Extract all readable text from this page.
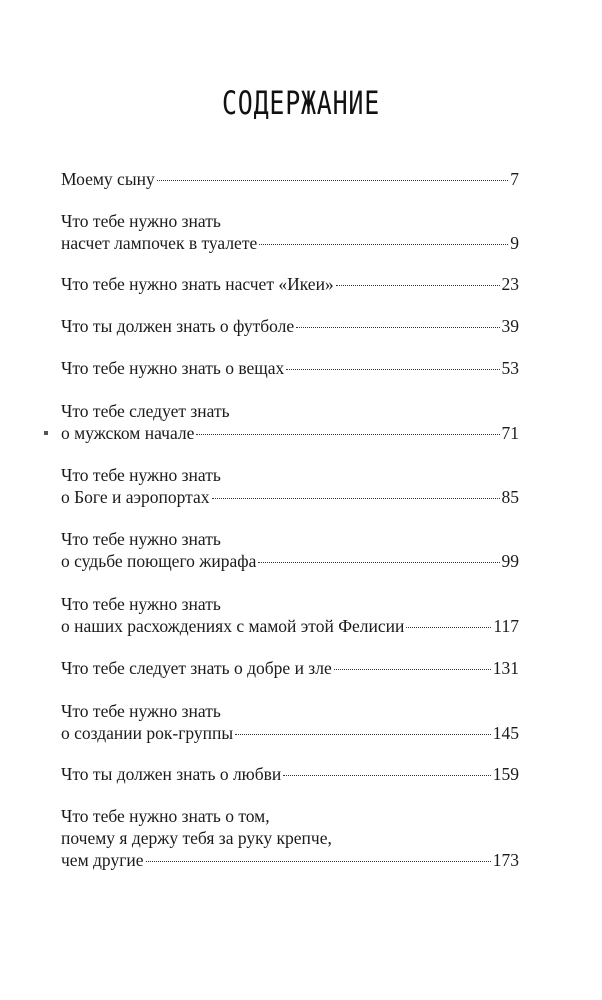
СОДЕРЖАНИЕ
Моему сыну	7
Что тебе нужно знать
насчет лампочек в туалете	9
Что тебе нужно знать насчет «Икеи»	23
Что ты должен знать о футболе	39
Что тебе нужно знать о вещах	53
Что тебе следует знать
о мужском начале	71
Что тебе нужно знать
о Боге и аэропортах	85
Что тебе нужно знать
о судьбе поющего жирафа	99
Что тебе нужно знать
о наших расхождениях с мамой этой Фелисии	117
Что тебе следует знать о добре и зле	131
Что тебе нужно знать
о создании рок-группы	145
Что ты должен знать о любви	159
Что тебе нужно знать о том,
почему я держу тебя за руку крепче,
чем другие	173
